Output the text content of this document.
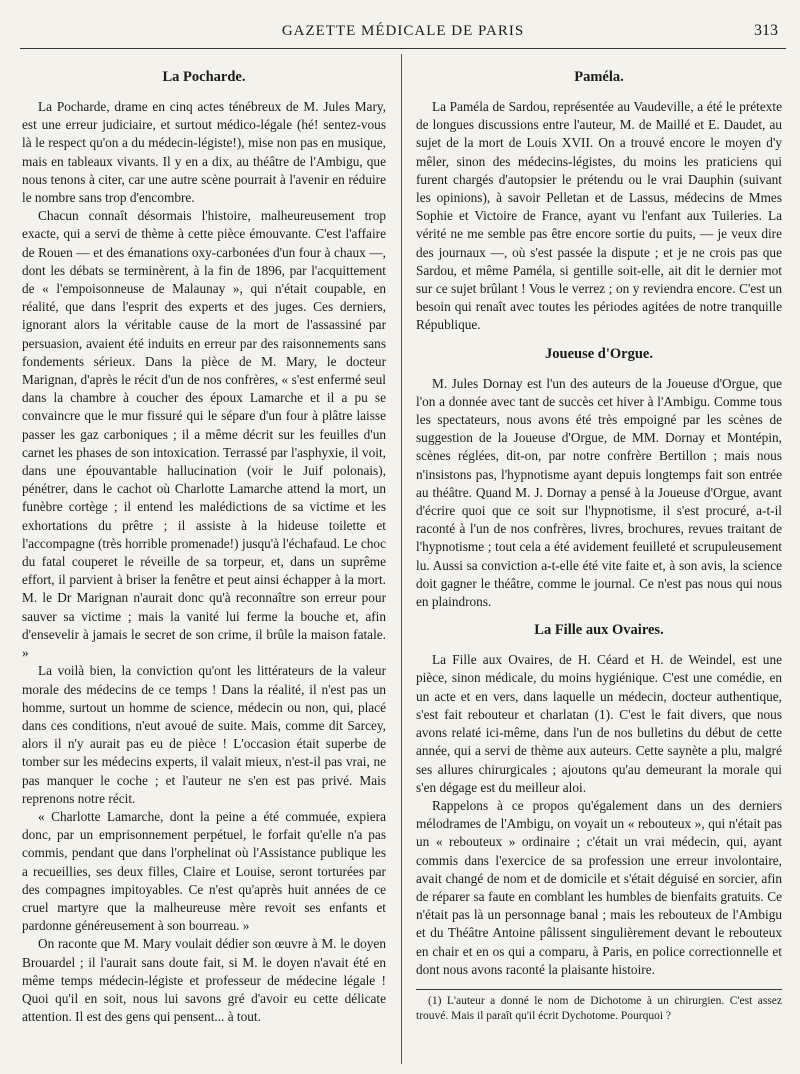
GAZETTE MÉDICALE DE PARIS	313
La Pocharde.

La Pocharde, drame en cinq actes ténébreux de M. Jules Mary, est une erreur judiciaire, et surtout médico-légale (hé! sentez-vous là le respect qu'on a du médecin-légiste!), mise non pas en musique, mais en tableaux vivants. Il y en a dix, au théâtre de l'Ambigu, que nous tenons à citer, car une autre scène pourrait à l'avenir en réduire le nombre sans trop d'encombre.

Chacun connaît désormais l'histoire, malheureusement trop exacte, qui a servi de thème à cette pièce émouvante. C'est l'affaire de Rouen — et des émanations oxy-carbonées d'un four à chaux —, dont les débats se terminèrent, à la fin de 1896, par l'acquittement de « l'empoisonneuse de Malaunay », qui n'était coupable, en réalité, que dans l'esprit des experts et des juges. Ces derniers, ignorant alors la véritable cause de la mort de l'assassiné par persuasion, avaient été induits en erreur par des raisonnements sans fondements sérieux. Dans la pièce de M. Mary, le docteur Marignan, d'après le récit d'un de nos confrères, « s'est enfermé seul dans la chambre à coucher des époux Lamarche et il a pu se convaincre que le mur fissuré qui le sépare d'un four à plâtre laisse passer les gaz carboniques ; il a même décrit sur les feuilles d'un carnet les phases de son intoxication. Terrassé par l'asphyxie, il voit, dans une épouvantable hallucination (voir le Juif polonais), pénétrer, dans le cachot où Charlotte Lamarche attend la mort, un funèbre cortège ; il entend les malédictions de sa victime et les exhortations du prêtre ; il assiste à la hideuse toilette et l'accompagne (très horrible promenade!) jusqu'à l'échafaud. Le choc du fatal couperet le réveille de sa torpeur, et, dans un suprême effort, il parvient à briser la fenêtre et peut ainsi échapper à la mort. M. le Dr Marignan n'aurait donc qu'à reconnaître son erreur pour sauver sa victime ; mais la vanité lui ferme la bouche et, afin d'ensevelir à jamais le secret de son crime, il brûle la maison fatale. »

La voilà bien, la conviction qu'ont les littérateurs de la valeur morale des médecins de ce temps ! Dans la réalité, il n'est pas un homme, surtout un homme de science, médecin ou non, qui, placé dans ces conditions, n'eut avoué de suite. Mais, comme dit Sarcey, alors il n'y aurait pas eu de pièce ! L'occasion était superbe de tomber sur les médecins experts, il valait mieux, n'est-il pas vrai, ne pas manquer le coche ; et l'auteur ne s'en est pas privé. Mais reprenons notre récit.

« Charlotte Lamarche, dont la peine a été commuée, expiera donc, par un emprisonnement perpétuel, le forfait qu'elle n'a pas commis, pendant que dans l'orphelinat où l'Assistance publique les a recueillies, ses deux filles, Claire et Louise, seront torturées par des compagnes impitoyables. Ce n'est qu'après huit années de ce cruel martyre que la malheureuse mère revoit ses enfants et pardonne généreusement à son bourreau. »

On raconte que M. Mary voulait dédier son œuvre à M. le doyen Brouardel ; il l'aurait sans doute fait, si M. le doyen n'avait été en même temps médecin-légiste et professeur de médecine légale ! Quoi qu'il en soit, nous lui savons gré d'avoir eu cette délicate attention. Il est des gens qui pensent... à tout.

Paméla.

La Paméla de Sardou, représentée au Vaudeville, a été le prétexte de longues discussions entre l'auteur, M. de Maillé et E. Daudet, au sujet de la mort de Louis XVII. On a trouvé encore le moyen d'y mêler, sinon des médecins-légistes, du moins les praticiens qui furent chargés d'autopsier le prétendu ou le vrai Dauphin (suivant les opinions), à savoir Pelletan et de Lassus, médecins de Mmes Sophie et Victoire de France, ayant vu l'enfant aux Tuileries. La vérité ne me semble pas être encore sortie du puits, — je veux dire des journaux —, où s'est passée la dispute ; et je ne crois pas que Sardou, et même Paméla, si gentille soit-elle, ait dit le dernier mot sur ce sujet brûlant ! Vous le verrez ; on y reviendra encore. C'est un besoin qui renaît avec toutes les périodes agitées de notre tranquille République.

Joueuse d'Orgue.

M. Jules Dornay est l'un des auteurs de la Joueuse d'Orgue, que l'on a donnée avec tant de succès cet hiver à l'Ambigu. Comme tous les spectateurs, nous avons été très empoigné par les scènes de suggestion de la Joueuse d'Orgue, de MM. Dornay et Montépin, scènes réglées, dit-on, par notre confrère Bertillon ; mais nous n'insistons pas, l'hypnotisme ayant depuis longtemps fait son entrée au théâtre. Quand M. J. Dornay a pensé à la Joueuse d'Orgue, avant d'écrire quoi que ce soit sur l'hypnotisme, il s'est procuré, a-t-il raconté à l'un de nos confrères, livres, brochures, revues traitant de l'hypnotisme ; tout cela a été avidement feuilleté et scrupuleusement lu. Aussi sa conviction a-t-elle été vite faite et, à son avis, la science doit gagner le théâtre, comme le journal. Ce n'est pas nous qui nous en plaindrons.

La Fille aux Ovaires.

La Fille aux Ovaires, de H. Céard et H. de Weindel, est une pièce, sinon médicale, du moins hygiénique. C'est une comédie, en un acte et en vers, dans laquelle un médecin, docteur authentique, s'est fait rebouteur et charlatan (1). C'est le fait divers, que nous avons relaté ici-même, dans l'un de nos bulletins du début de cette année, qui a servi de thème aux auteurs. Cette saynète a plu, malgré ses allures chirurgicales ; ajoutons qu'au demeurant la morale qui s'en dégage est du meilleur aloi.

Rappelons à ce propos qu'également dans un des derniers mélodrames de l'Ambigu, on voyait un « rebouteux », qui n'était pas un « rebouteux » ordinaire ; c'était un vrai médecin, qui, ayant commis dans l'exercice de sa profession une erreur involontaire, avait changé de nom et de domicile et s'était déguisé en sorcier, afin de réparer sa faute en comblant les humbles de bienfaits gratuits. Ce n'était pas là un personnage banal ; mais les rebouteux de l'Ambigu et du Théâtre Antoine pâlissent singulièrement devant le rebouteux en chair et en os qui a comparu, à Paris, en police correctionnelle et dont nous avons raconté la plaisante histoire.

(1) L'auteur a donné le nom de Dichotome à un chirurgien. C'est assez trouvé. Mais il paraît qu'il écrit Dychotome. Pourquoi ?
